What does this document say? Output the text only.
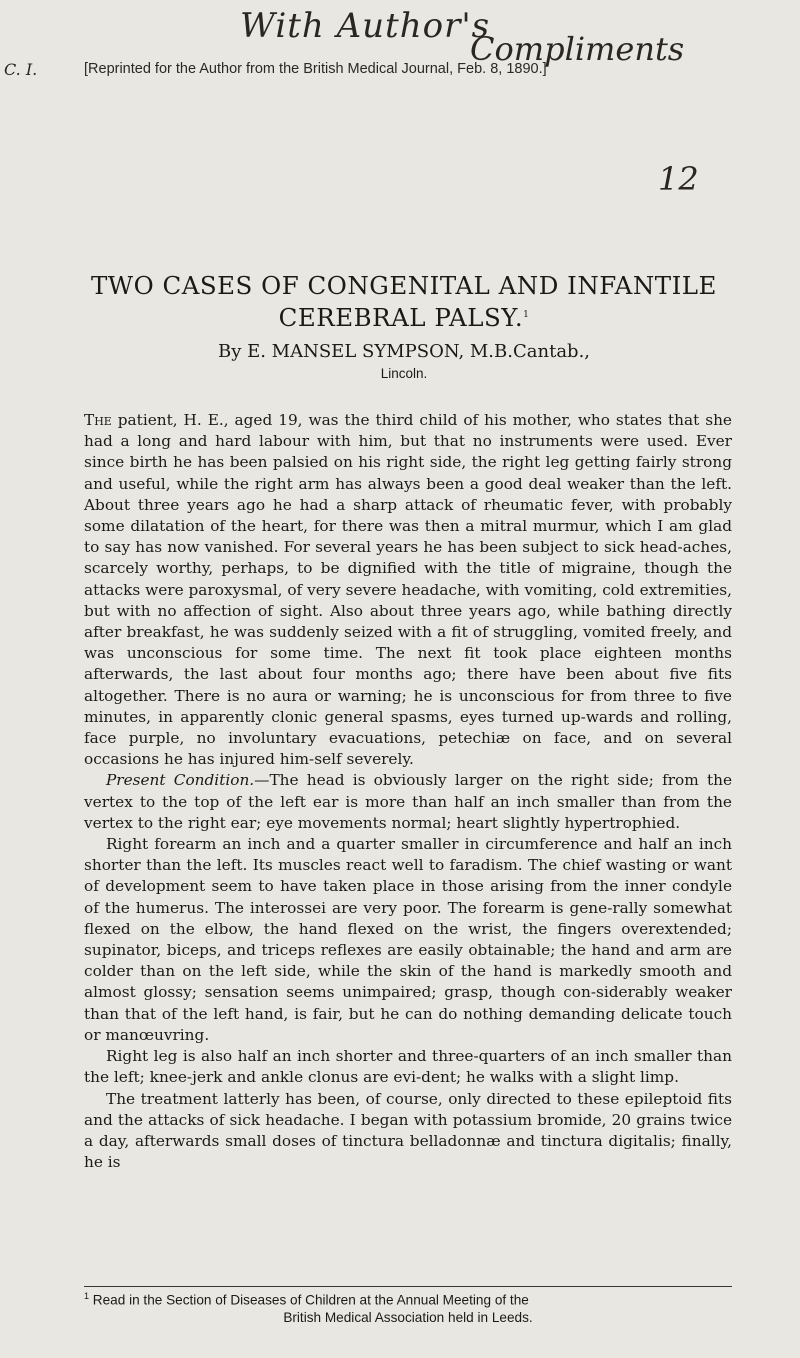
C. I.
With Author's
Compliments
12
[Reprinted for the Author from the British Medical Journal, Feb. 8, 1890.]
TWO CASES OF CONGENITAL AND INFANTILE
CEREBRAL PALSY.$^1$
By E. MANSEL SYMPSON, M.B.Cantab.,
Lincoln.

The patient, H. E., aged 19, was the third child of his mother, who states that she had a long and hard labour with him, but that no instruments were used. Ever since birth he has been palsied on his right side, the right leg getting fairly strong and useful, while the right arm has always been a good deal weaker than the left. About three years ago he had a sharp attack of rheumatic fever, with probably some dilatation of the heart, for there was then a mitral murmur, which I am glad to say has now vanished. For several years he has been subject to sick head-aches, scarcely worthy, perhaps, to be dignified with the title of migraine, though the attacks were paroxysmal, of very severe headache, with vomiting, cold extremities, but with no affection of sight. Also about three years ago, while bathing directly after breakfast, he was suddenly seized with a fit of struggling, vomited freely, and was unconscious for some time. The next fit took place eighteen months afterwards, the last about four months ago; there have been about five fits altogether. There is no aura or warning; he is unconscious for from three to five minutes, in apparently clonic general spasms, eyes turned up-wards and rolling, face purple, no involuntary evacuations, petechiæ on face, and on several occasions he has injured him-self severely.

Present Condition.—The head is obviously larger on the right side; from the vertex to the top of the left ear is more than half an inch smaller than from the vertex to the right ear; eye movements normal; heart slightly hypertrophied.

Right forearm an inch and a quarter smaller in circumference and half an inch shorter than the left. Its muscles react well to faradism. The chief wasting or want of development seem to have taken place in those arising from the inner condyle of the humerus. The interossei are very poor. The forearm is gene-rally somewhat flexed on the elbow, the hand flexed on the wrist, the fingers overextended; supinator, biceps, and triceps reflexes are easily obtainable; the hand and arm are colder than on the left side, while the skin of the hand is markedly smooth and almost glossy; sensation seems unimpaired; grasp, though con-siderably weaker than that of the left hand, is fair, but he can do nothing demanding delicate touch or manœuvring.

Right leg is also half an inch shorter and three-quarters of an inch smaller than the left; knee-jerk and ankle clonus are evi-dent; he walks with a slight limp.

The treatment latterly has been, of course, only directed to these epileptoid fits and the attacks of sick headache. I began with potassium bromide, 20 grains twice a day, afterwards small doses of tinctura belladonnæ and tinctura digitalis; finally, he is

$^1$ Read in the Section of Diseases of Children at the Annual Meeting of the
British Medical Association held in Leeds.
